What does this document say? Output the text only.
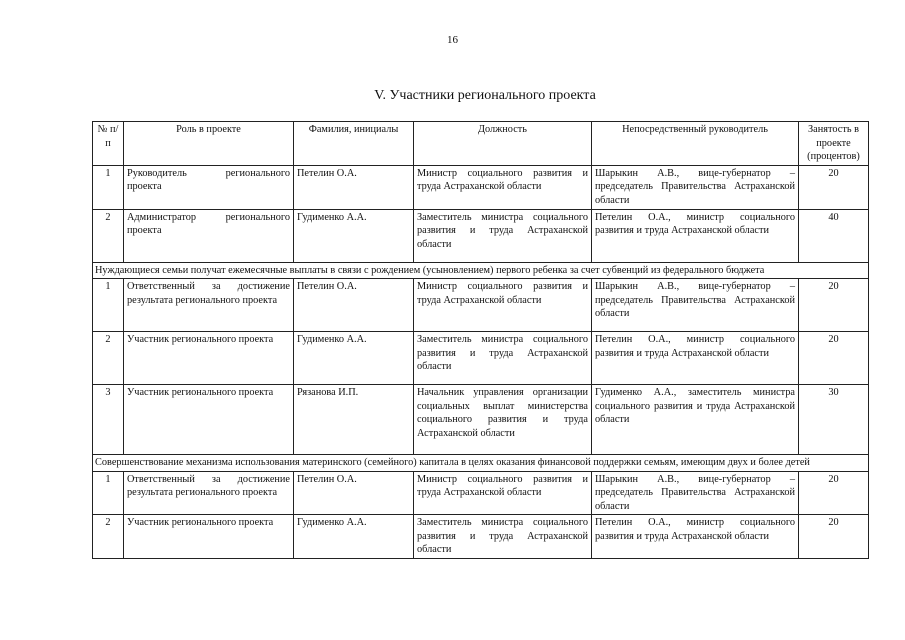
16
V. Участники регионального проекта
№ п/п	Роль в проекте	Фамилия, инициалы	Должность	Непосредственный руководитель	Занятость в проекте (процентов)
1	Руководитель регионального проекта	Петелин О.А.	Министр социального развития и труда Астраханской области	Шарыкин А.В., вице-губернатор – председатель Правительства Астраханской области	20
2	Администратор регионального проекта	Гудименко А.А.	Заместитель министра социального развития и труда Астраханской области	Петелин О.А., министр социального развития и труда Астраханской области	40
Нуждающиеся семьи получат ежемесячные выплаты в связи с рождением (усыновлением) первого ребенка за счет субвенций из федерального бюджета					
1	Ответственный за достижение результата регионального проекта	Петелин О.А.	Министр социального развития и труда Астраханской области	Шарыкин А.В., вице-губернатор – председатель Правительства Астраханской области	20
2	Участник регионального проекта	Гудименко А.А.	Заместитель министра социального развития и труда Астраханской области	Петелин О.А., министр социального развития и труда Астраханской области	20
3	Участник регионального проекта	Рязанова И.П.	Начальник управления организации социальных выплат министерства социального развития и труда Астраханской области	Гудименко А.А., заместитель министра социального развития и труда Астраханской области	30
Совершенствование механизма использования материнского (семейного) капитала в целях оказания финансовой поддержки семьям, имеющим двух и более детей					
1	Ответственный за достижение результата регионального проекта	Петелин О.А.	Министр социального развития и труда Астраханской области	Шарыкин А.В., вице-губернатор – председатель Правительства Астраханской области	20
2	Участник регионального проекта	Гудименко А.А.	Заместитель министра социального развития и труда Астраханской области	Петелин О.А., министр социального развития и труда Астраханской области	20
